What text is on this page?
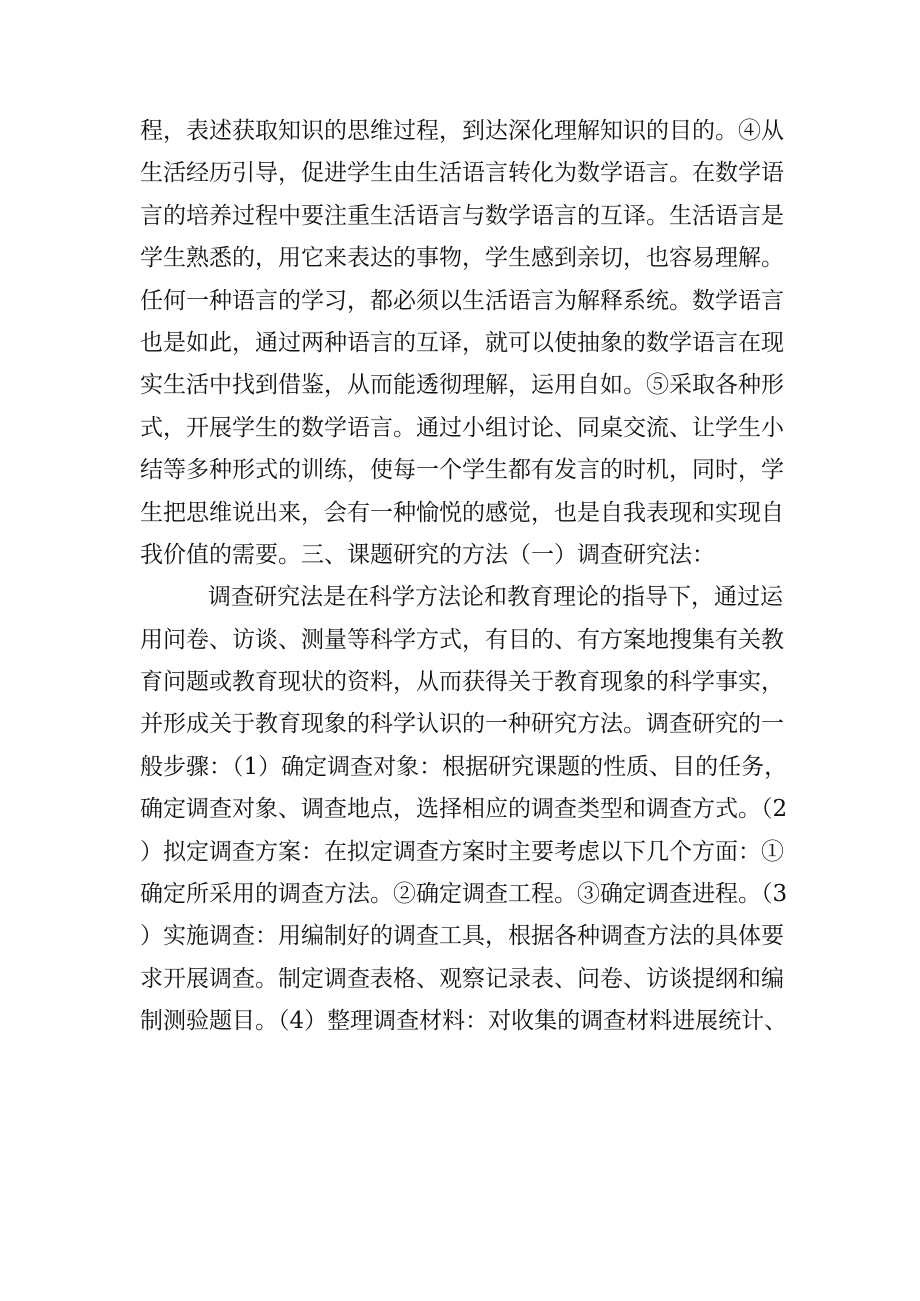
程，表述获取知识的思维过程，到达深化理解知识的目的。④从
生活经历引导，促进学生由生活语言转化为数学语言。在数学语
言的培养过程中要注重生活语言与数学语言的互译。生活语言是
学生熟悉的，用它来表达的事物，学生感到亲切，也容易理解。
任何一种语言的学习，都必须以生活语言为解释系统。数学语言
也是如此，通过两种语言的互译，就可以使抽象的数学语言在现
实生活中找到借鉴，从而能透彻理解，运用自如。⑤采取各种形
式，开展学生的数学语言。通过小组讨论、同桌交流、让学生小
结等多种形式的训练，使每一个学生都有发言的时机，同时，学
生把思维说出来，会有一种愉悦的感觉，也是自我表现和实现自
我价值的需要。三、课题研究的方法（一）调查研究法：
调查研究法是在科学方法论和教育理论的指导下，通过运
用问卷、访谈、测量等科学方式，有目的、有方案地搜集有关教
育问题或教育现状的资料，从而获得关于教育现象的科学事实，
并形成关于教育现象的科学认识的一种研究方法。调查研究的一
般步骤：（1）确定调查对象：根据研究课题的性质、目的任务，
确定调查对象、调查地点，选择相应的调查类型和调查方式。（2
）拟定调查方案：在拟定调查方案时主要考虑以下几个方面：①
确定所采用的调查方法。②确定调查工程。③确定调查进程。（3
）实施调查：用编制好的调查工具，根据各种调查方法的具体要
求开展调查。制定调查表格、观察记录表、问卷、访谈提纲和编
制测验题目。（4）整理调查材料：对收集的调查材料进展统计、
